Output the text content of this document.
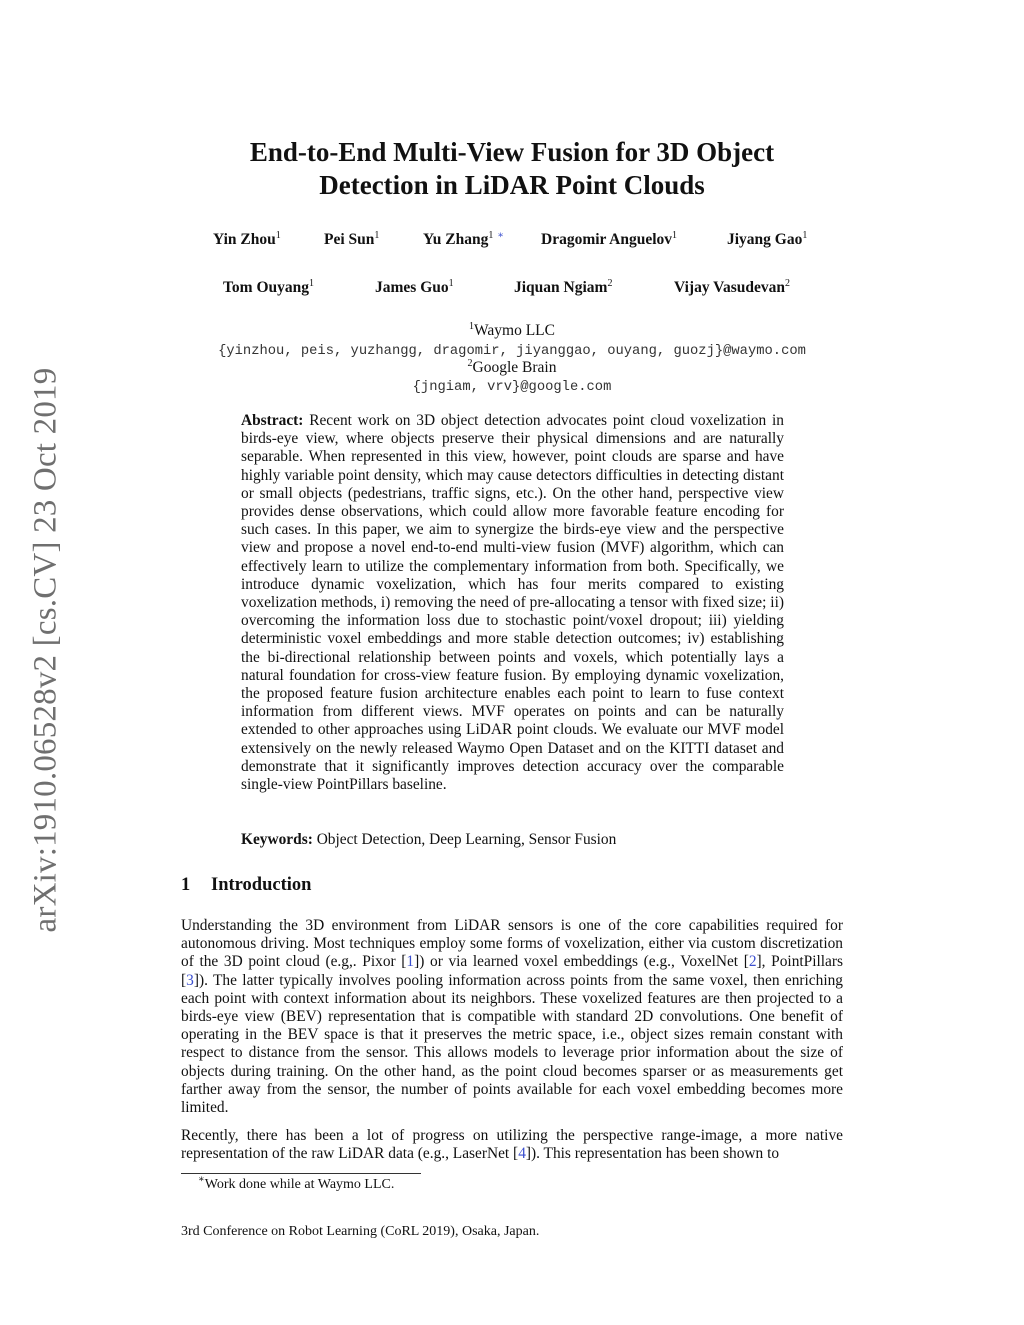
arXiv:1910.06528v2 [cs.CV] 23 Oct 2019
End-to-End Multi-View Fusion for 3D Object
Detection in LiDAR Point Clouds
Yin Zhou$^1$	Pei Sun$^1$	Yu Zhang$^1$ ∗ Dragomir Anguelov$^1$	Jiyang Gao$^1$
Tom Ouyang$^1$	James Guo$^1$	Jiquan Ngiam$^2$	Vijay Vasudevan$^2$
$^1$Waymo LLC
{yinzhou, peis, yuzhangg, dragomir, jiyanggao, ouyang, guozj}@waymo.com
$^2$Google Brain
{jngiam, vrv}@google.com
Abstract: Recent work on 3D object detection advocates point cloud voxelization in birds-eye view, where objects preserve their physical dimensions and are naturally separable. When represented in this view, however, point clouds are sparse and have highly variable point density, which may cause detectors difficulties in detecting distant or small objects (pedestrians, traffic signs, etc.). On the other hand, perspective view provides dense observations, which could allow more favorable feature encoding for such cases. In this paper, we aim to synergize the birds-eye view and the perspective view and propose a novel end-to-end multi-view fusion (MVF) algorithm, which can effectively learn to utilize the complementary information from both. Specifically, we introduce dynamic voxelization, which has four merits compared to existing voxelization methods, i) removing the need of pre-allocating a tensor with fixed size; ii) overcoming the information loss due to stochastic point/voxel dropout; iii) yielding deterministic voxel embeddings and more stable detection outcomes; iv) establishing the bi-directional relationship between points and voxels, which potentially lays a natural foundation for cross-view feature fusion. By employing dynamic voxelization, the proposed feature fusion architecture enables each point to learn to fuse context information from different views. MVF operates on points and can be naturally extended to other approaches using LiDAR point clouds. We evaluate our MVF model extensively on the newly released Waymo Open Dataset and on the KITTI dataset and demonstrate that it significantly improves detection accuracy over the comparable single-view PointPillars baseline.
Keywords: Object Detection, Deep Learning, Sensor Fusion
1 Introduction
Understanding the 3D environment from LiDAR sensors is one of the core capabilities required for autonomous driving. Most techniques employ some forms of voxelization, either via custom discretization of the 3D point cloud (e.g,. Pixor [1]) or via learned voxel embeddings (e.g., VoxelNet [2], PointPillars [3]). The latter typically involves pooling information across points from the same voxel, then enriching each point with context information about its neighbors. These voxelized features are then projected to a birds-eye view (BEV) representation that is compatible with standard 2D convolutions. One benefit of operating in the BEV space is that it preserves the metric space, i.e., object sizes remain constant with respect to distance from the sensor. This allows models to leverage prior information about the size of objects during training. On the other hand, as the point cloud becomes sparser or as measurements get farther away from the sensor, the number of points available for each voxel embedding becomes more limited.
Recently, there has been a lot of progress on utilizing the perspective range-image, a more native representation of the raw LiDAR data (e.g., LaserNet [4]). This representation has been shown to
∗Work done while at Waymo LLC.
3rd Conference on Robot Learning (CoRL 2019), Osaka, Japan.
